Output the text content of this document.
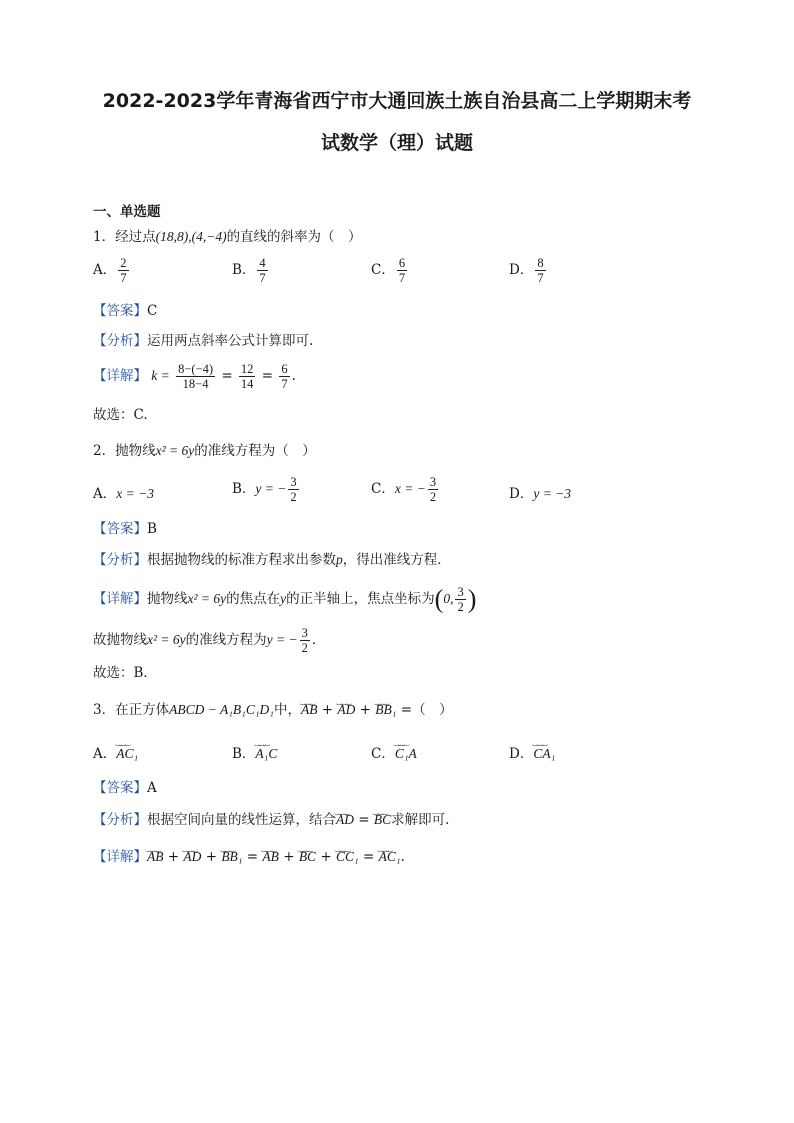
2022-2023学年青海省西宁市大通回族土族自治县高二上学期期末考
试数学（理）试题
一、单选题
1．经过点(18,8),(4,−4)的直线的斜率为（　）
A． $\frac{2}{7}$	B． $\frac{4}{7}$	C． $\frac{6}{7}$	D． $\frac{8}{7}$
【答案】C
【分析】运用两点斜率公式计算即可.
【详解】 $k = \frac{8-(-4)}{18-4} = \frac{12}{14} = \frac{6}{7}$ .
故选：C.
2．抛物线x² = 6y的准线方程为（　）
A．x = −3	B．y = − $\frac{3}{2}$	C．x = − $\frac{3}{2}$	D．y = −3
【答案】B
【分析】根据抛物线的标准方程求出参数p，得出准线方程．
【详解】抛物线x² = 6y的焦点在y的正半轴上，焦点坐标为(0, $\frac{3}{2}$ )
故抛物线x² = 6y的准线方程为y = − $\frac{3}{2}$ ．
故选：B．
3．在正方体ABCD − A₁B₁C₁D₁中，‿‿‿ AB + ‿‿‿ AD + ‿‿‿ BB₁ =（　）
A．‿‿‿ AC₁	B．‿‿‿ A₁C	C．‿‿‿ C₁A	D．‿‿‿ CA₁
【答案】A
【分析】根据空间向量的线性运算，结合‿‿‿ AD = ‿‿‿ BC求解即可.
【详解】‿‿‿ AB + ‿‿‿ AD + ‿‿‿ BB₁ = ‿‿‿ AB + ‿‿‿ BC + ‿‿‿ CC₁ = ‿‿‿ AC₁.
